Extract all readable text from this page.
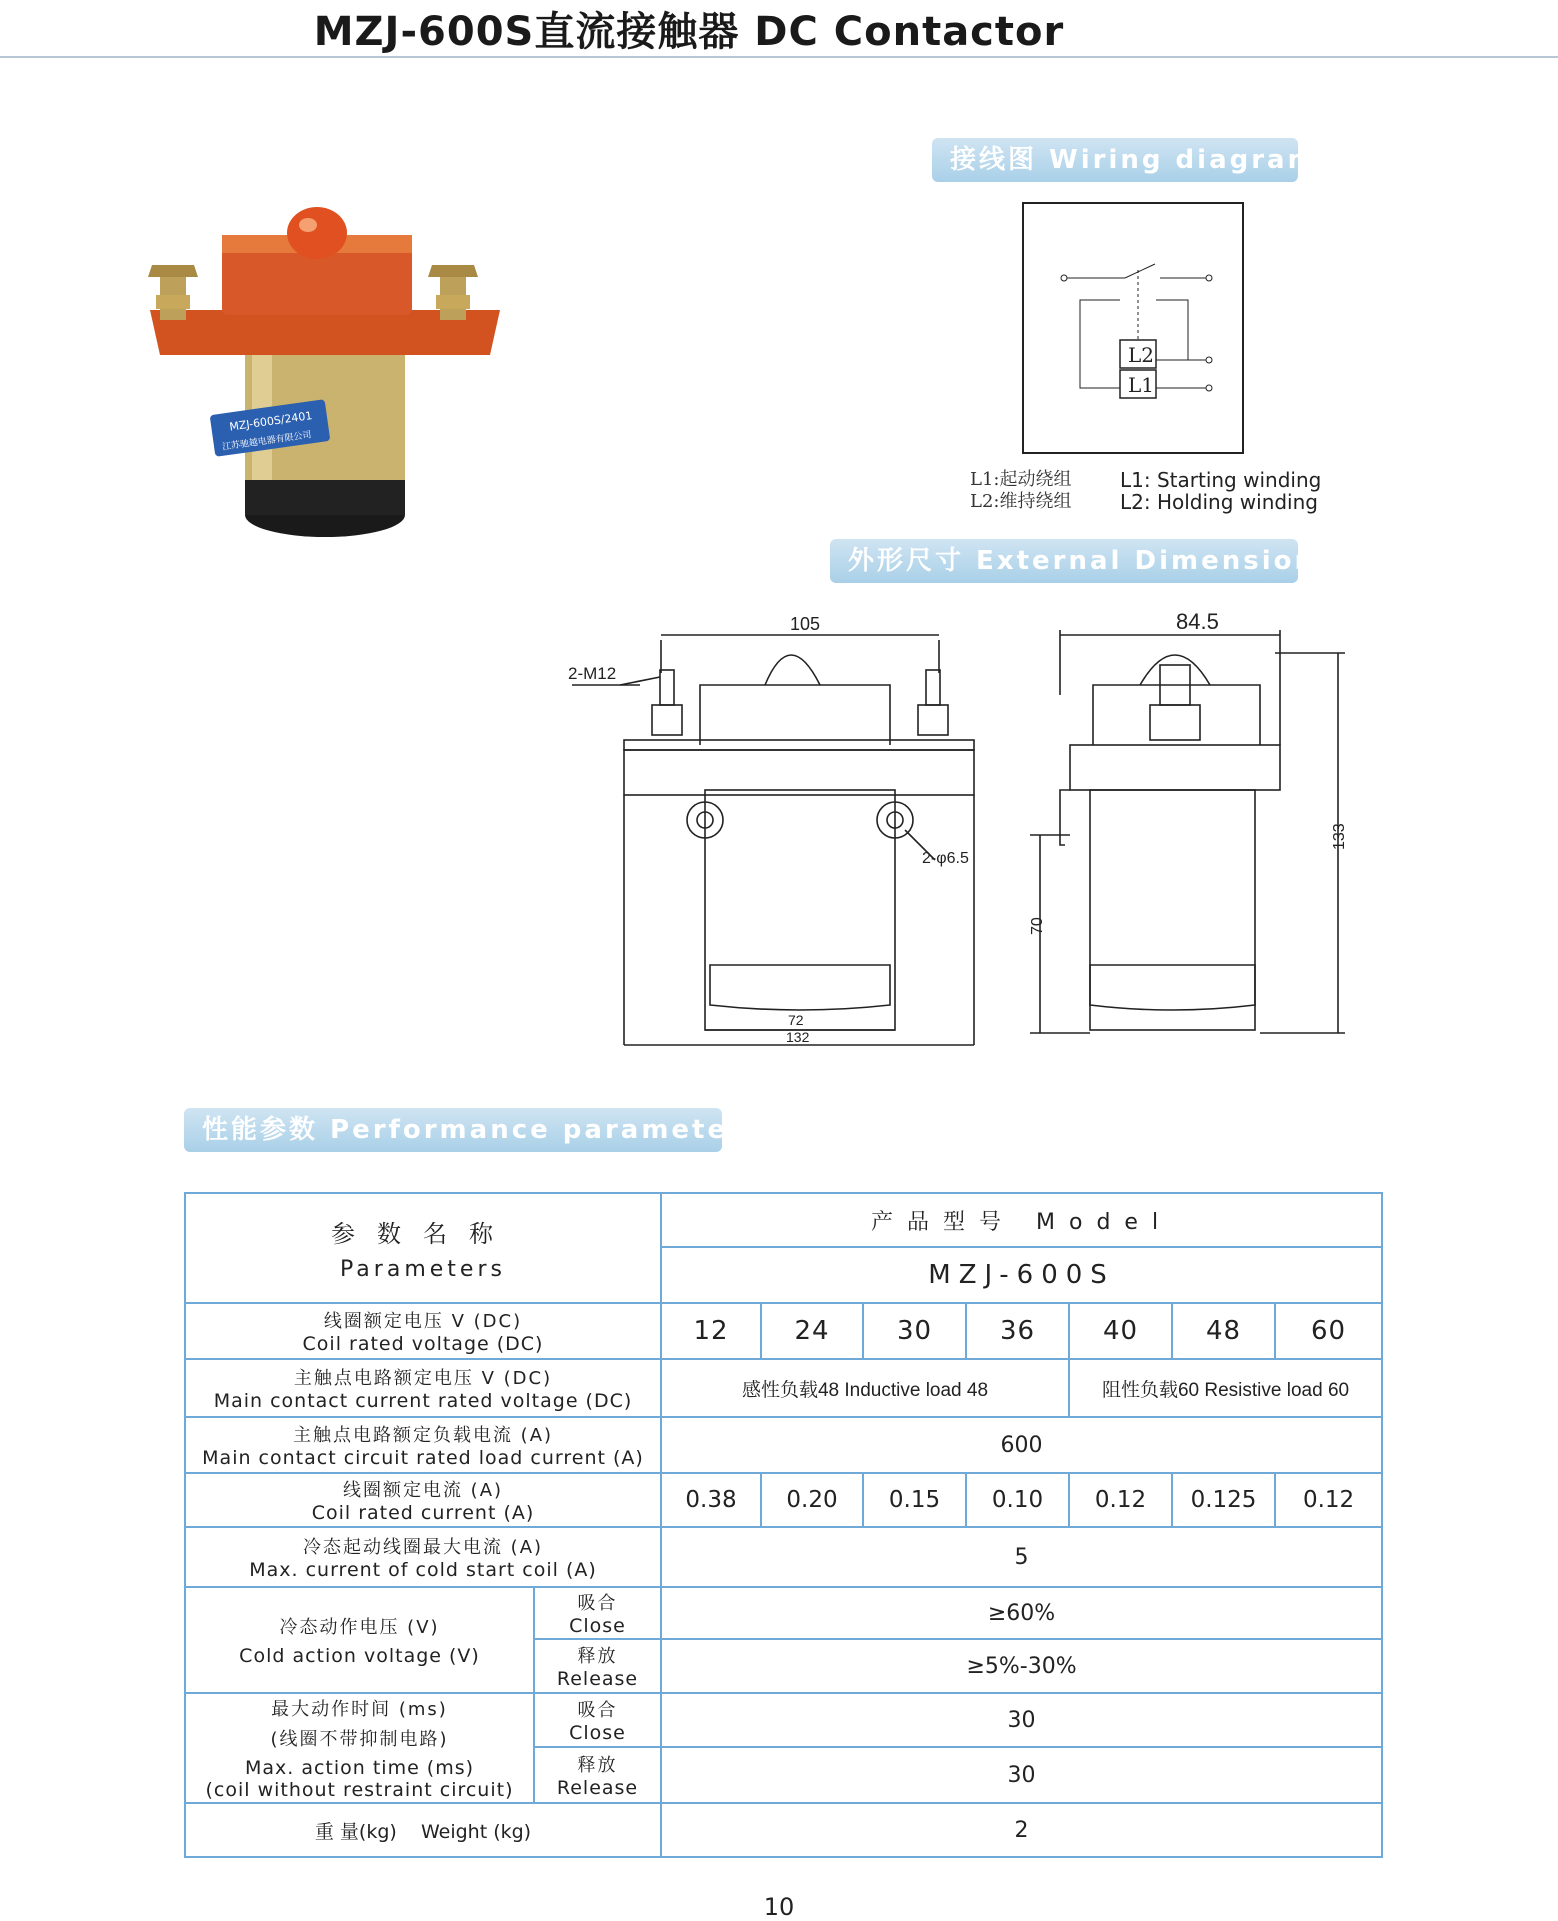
MZJ-600S直流接触器 DC Contactor
MZJ-600S/2401
江苏驰越电器有限公司
接线图 Wiring diagram
L2
L1
L1:起动绕组	L1: Starting winding
L2:维持绕组	L2: Holding winding
外形尺寸 External Dimensions
105
2-M12
2-φ6.5
72
132
84.5
133
70
性能参数 Performance parameters
参数名称
Parameters		产品型号 Model						
		MZJ-600S						

线圈额定电压 V (DC)
Coil rated voltage (DC)		12	24	30	36	40	48	60

主触点电路额定电压 V (DC)
Main contact current rated voltage (DC)		感性负载48 Inductive load 48				阻性负载60 Resistive load 60		

主触点电路额定负载电流 (A)
Main contact circuit rated load current (A)		600						

线圈额定电流 (A)
Coil rated current (A)		0.38	0.20	0.15	0.10	0.12	0.125	0.12

冷态起动线圈最大电流 (A)
Max. current of cold start coil (A)		5						

冷态动作电压 (V)
Cold action voltage (V)	吸合
Close	≥60%						

	释放
Release	≥5%-30%						

最大动作时间 (ms)
(线圈不带抑制电路)
Max. action time (ms)
(coil without restraint circuit)	吸合
Close	30						

	释放
Release	30						
重 量(kg)    Weight (kg)		2						
10
